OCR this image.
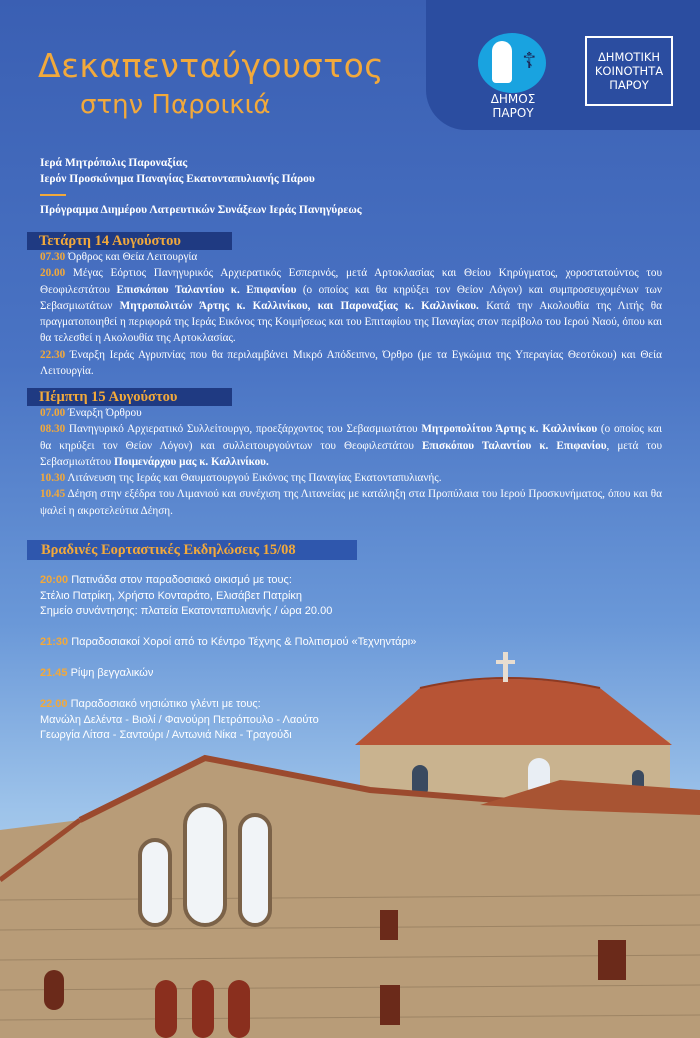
Δεκαπενταύγουστος
στην Παροικιά
☦
ΔΗΜΟΣ ΠΑΡΟΥ
ΔΗΜΟΤΙΚΗ
ΚΟΙΝΟΤΗΤΑ
ΠΑΡΟΥ
Ιερά Μητρόπολις Παροναξίας
Ιερόν Προσκύνημα Παναγίας Εκατονταπυλιανής Πάρου
Πρόγραμμα Διημέρου Λατρευτικών Συνάξεων Ιεράς Πανηγύρεως
Τετάρτη 14 Αυγούστου
07.30 Όρθρος και Θεία Λειτουργία
20.00 Μέγας Εόρτιος Πανηγυρικός Αρχιερατικός Εσπερινός, μετά Αρτοκλασίας και Θείου Κηρύγματος, χοροστατούντος του Θεοφιλεστάτου Επισκόπου Ταλαντίου κ. Επιφανίου (ο οποίος και θα κηρύξει τον Θείον Λόγον) και συμπροσευχομένων των Σεβασμιωτάτων Μητροπολιτών Άρτης κ. Καλλινίκου, και Παροναξίας κ. Καλλινίκου. Κατά την Ακολουθία της Λιτής θα πραγματοποιηθεί η περιφορά της Ιεράς Εικόνος της Κοιμήσεως και του Επιταφίου της Παναγίας στον περίβολο του Ιερού Ναού, όπου και θα τελεσθεί η Ακολουθία της Αρτοκλασίας.
22.30 Έναρξη Ιεράς Αγρυπνίας που θα περιλαμβάνει Μικρό Απόδειπνο, Όρθρο (με τα Εγκώμια της Υπεραγίας Θεοτόκου) και Θεία Λειτουργία.
Πέμπτη 15 Αυγούστου
07.00 Έναρξη Όρθρου
08.30 Πανηγυρικό Αρχιερατικό Συλλείτουργο, προεξάρχοντος του Σεβασμιωτάτου Μητροπολίτου Άρτης κ. Καλλινίκου (ο οποίος και θα κηρύξει τον Θείον Λόγον) και συλλειτουργούντων του Θεοφιλεστάτου Επισκόπου Ταλαντίου κ. Επιφανίου, μετά του Σεβασμιωτάτου Ποιμενάρχου μας κ. Καλλινίκου.
10.30 Λιτάνευση της Ιεράς και Θαυματουργού Εικόνος της Παναγίας Εκατονταπυλιανής.
10.45 Δέηση στην εξέδρα του Λιμανιού και συνέχιση της Λιτανείας με κατάληξη στα Προπύλαια του Ιερού Προσκυνήματος, όπου και θα ψαλεί η ακροτελεύτια Δέηση.
Βραδινές Εορταστικές Εκδηλώσεις 15/08
20:00 Πατινάδα στον παραδοσιακό οικισμό με τους:
Στέλιο Πατρίκη, Χρήστο Κονταράτο, Ελισάβετ Πατρίκη
Σημείο συνάντησης: πλατεία Εκατονταπυλιανής / ώρα 20.00
21:30 Παραδοσιακοί Χοροί από το Κέντρο Τέχνης & Πολιτισμού «Τεχνηντάρι»
21.45 Ρίψη βεγγαλικών
22.00 Παραδοσιακό νησιώτικο γλέντι με τους:
Μανώλη Δελέντα - Βιολί / Φανούρη Πετρόπουλο - Λαούτο
Γεωργία Λίτσα - Σαντούρι / Αντωνιά Νίκα - Τραγούδι
